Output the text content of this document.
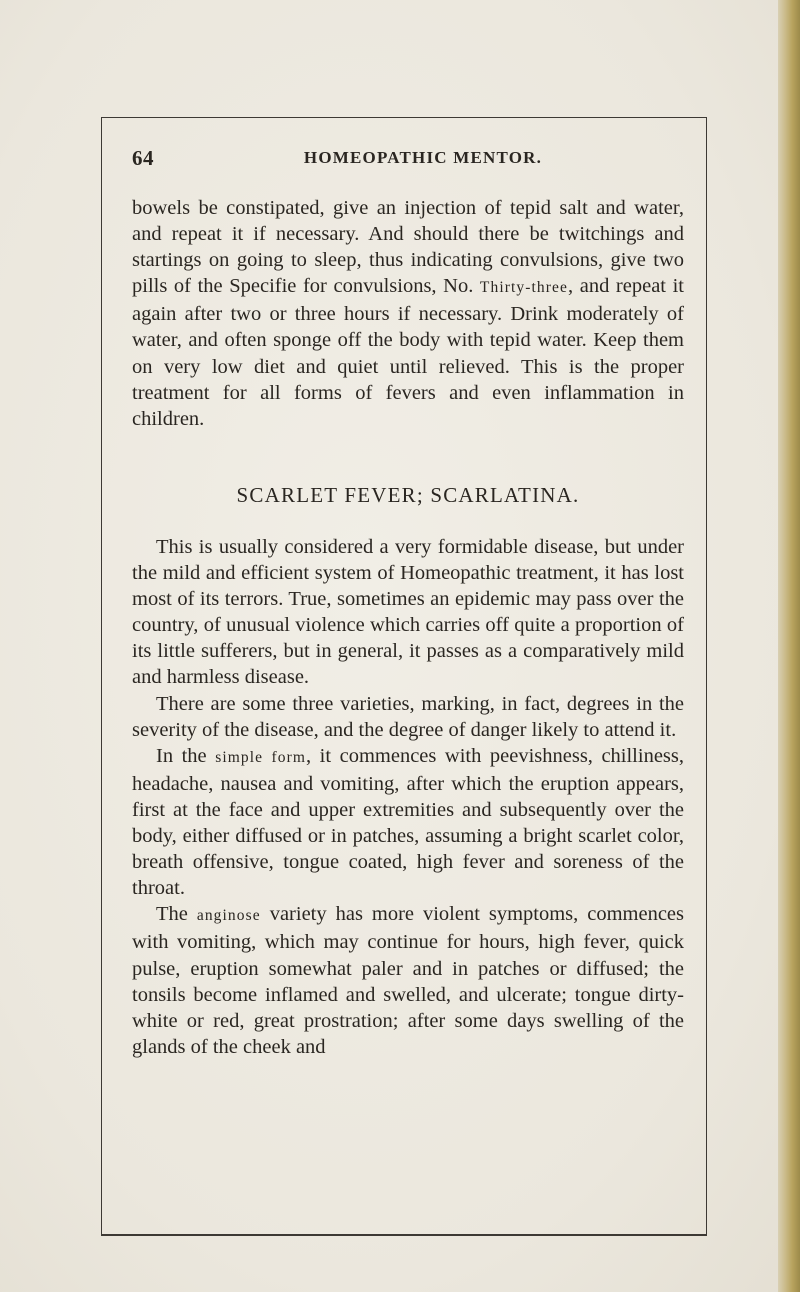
64	HOMEOPATHIC MENTOR.

bowels be constipated, give an injection of tepid salt and water, and repeat it if necessary. And should there be twitchings and startings on going to sleep, thus indicating convulsions, give two pills of the Specifie for convulsions, No. Thirty-three, and repeat it again after two or three hours if necessary. Drink moderately of water, and often sponge off the body with tepid water. Keep them on very low diet and quiet until relieved. This is the proper treatment for all forms of fevers and even inflammation in children.

SCARLET FEVER; SCARLATINA.

This is usually considered a very formidable disease, but under the mild and efficient system of Homeopathic treatment, it has lost most of its terrors. True, sometimes an epidemic may pass over the country, of unusual violence which carries off quite a proportion of its little sufferers, but in general, it passes as a comparatively mild and harmless disease.

There are some three varieties, marking, in fact, degrees in the severity of the disease, and the degree of danger likely to attend it.

In the simple form, it commences with peevishness, chilliness, headache, nausea and vomiting, after which the eruption appears, first at the face and upper extremities and subsequently over the body, either diffused or in patches, assuming a bright scarlet color, breath offensive, tongue coated, high fever and soreness of the throat.

The anginose variety has more violent symptoms, commences with vomiting, which may continue for hours, high fever, quick pulse, eruption somewhat paler and in patches or diffused; the tonsils become inflamed and swelled, and ulcerate; tongue dirty-white or red, great prostration; after some days swelling of the glands of the cheek and
